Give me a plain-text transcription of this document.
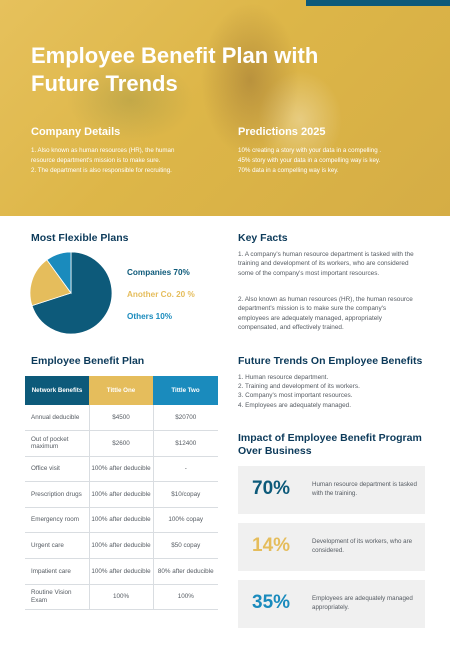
Employee Benefit Plan with Future Trends
Company Details
1. Also known as human resources (HR), the human
resource department's mission is to make sure.
2. The department is also responsible for recruiting.
Predictions 2025
10% creating a story with your data in a compelling .
45% story with your data in a compelling way is key.
70% data in a compelling way is key.
Most Flexible Plans
Companies 70%
Another Co. 20 %
Others 10%
Key Facts
1. A company's human resource department is tasked with the training and development of its workers, who are considered some of the company's most important resources.
2. Also known as human resources (HR), the human resource department's mission is to make sure the company's employees are adequately managed, appropriately compensated, and effectively trained.
Employee Benefit Plan
Network Benefits	Tittle One	Tittle Two
Annual deducible	$4500	$20700
Out of pocket maximum	$2600	$12400
Office visit	100% after deducible	-
Prescription drugs	100% after deducible	$10/copay
Emergency room	100% after deducible	100% copay
Urgent care	100% after deducible	$50 copay
Impatient care	100% after deducible	80% after deducible
Routine Vision Exam	100%	100%
Future Trends On Employee Benefits
1. Human resource department.
2. Training and development of its workers.
3. Company's most important resources.
4. Employees are adequately managed.
Impact of Employee Benefit Program
Over Business
70%	Human resource department is tasked with the training.
14%	Development of its workers, who are considered.
35%	Employees are adequately managed appropriately.
